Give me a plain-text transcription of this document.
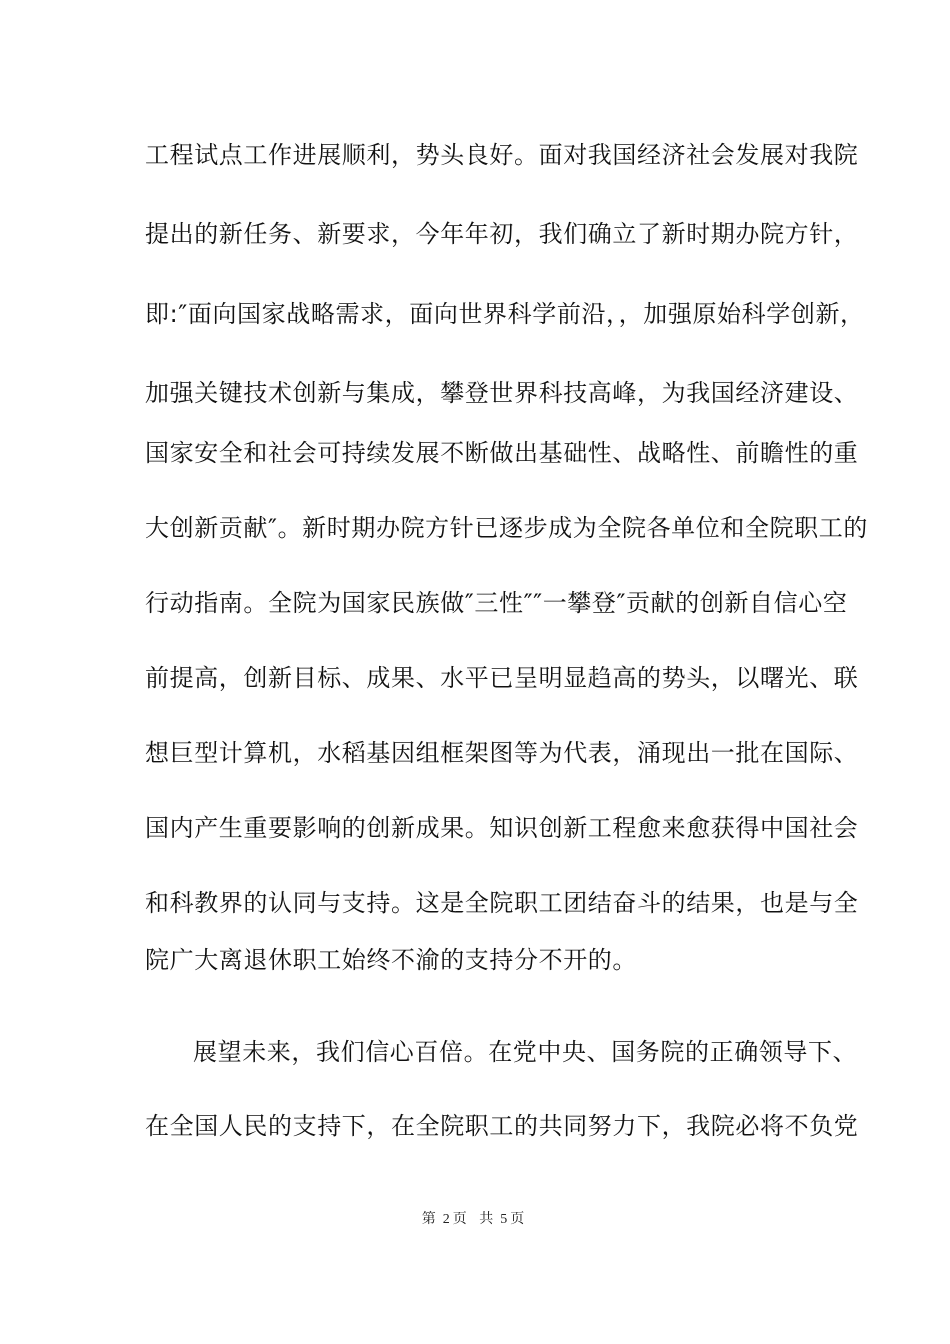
工程试点工作进展顺利，势头良好。面对我国经济社会发展对我院
提出的新任务、新要求，今年年初，我们确立了新时期办院方针，
即:″面向国家战略需求，面向世界科学前沿，，加强原始科学创新，
加强关键技术创新与集成，攀登世界科技高峰，为我国经济建设、
国家安全和社会可持续发展不断做出基础性、战略性、前瞻性的重
大创新贡献″。新时期办院方针已逐步成为全院各单位和全院职工的
行动指南。全院为国家民族做″三性″″一攀登″贡献的创新自信心空
前提高，创新目标、成果、水平已呈明显趋高的势头，以曙光、联
想巨型计算机，水稻基因组框架图等为代表，涌现出一批在国际、
国内产生重要影响的创新成果。知识创新工程愈来愈获得中国社会
和科教界的认同与支持。这是全院职工团结奋斗的结果，也是与全
院广大离退休职工始终不渝的支持分不开的。
展望未来，我们信心百倍。在党中央、国务院的正确领导下、
在全国人民的支持下，在全院职工的共同努力下，我院必将不负党
第 2 页 共 5 页
